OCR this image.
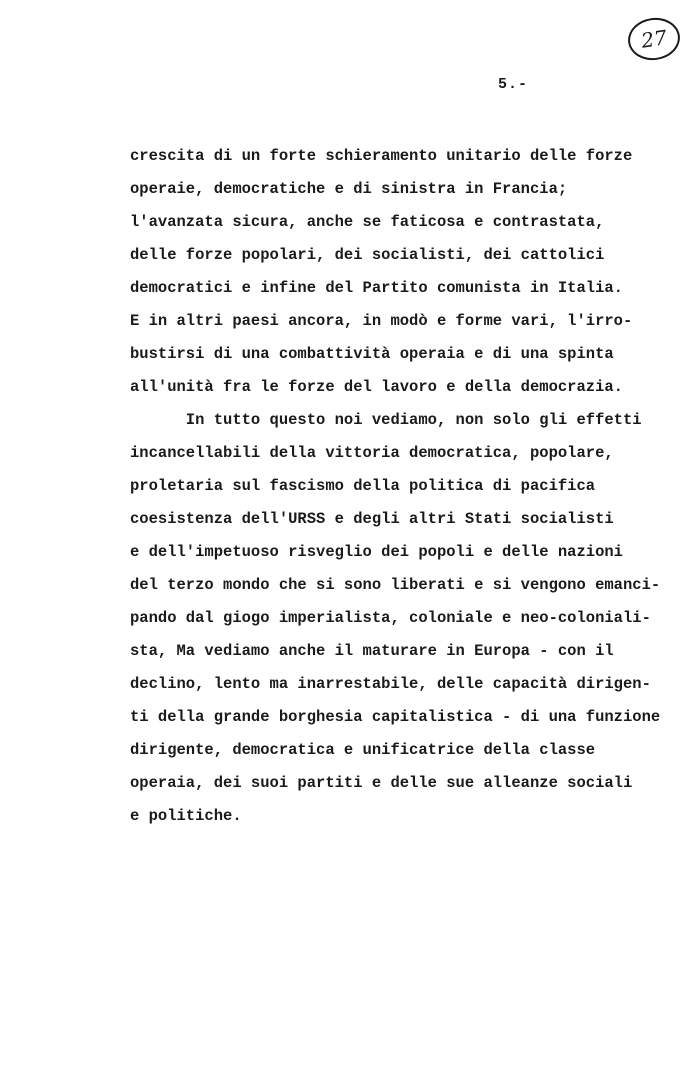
27
5.-
crescita di un forte schieramento unitario delle forze
operaie, democratiche e di sinistra in Francia;
l'avanzata sicura, anche se faticosa e contrastata,
delle forze popolari, dei socialisti, dei cattolici
democratici e infine del Partito comunista in Italia.
E in altri paesi ancora, in modò e forme vari, l'irro-
bustirsi di una combattività operaia e di una spinta
all'unità fra le forze del lavoro e della democrazia.
In tutto questo noi vediamo, non solo gli effetti
incancellabili della vittoria democratica, popolare,
proletaria sul fascismo della politica di pacifica
coesistenza dell'URSS e degli altri Stati socialisti
e dell'impetuoso risveglio dei popoli e delle nazioni
del terzo mondo che si sono liberati e si vengono emanci-
pando dal giogo imperialista, coloniale e neo-coloniali-
sta, Ma vediamo anche il maturare in Europa - con il
declino, lento ma inarrestabile, delle capacità dirigen-
ti della grande borghesia capitalistica - di una funzione
dirigente, democratica e unificatrice della classe
operaia, dei suoi partiti e delle sue alleanze sociali
e politiche.
